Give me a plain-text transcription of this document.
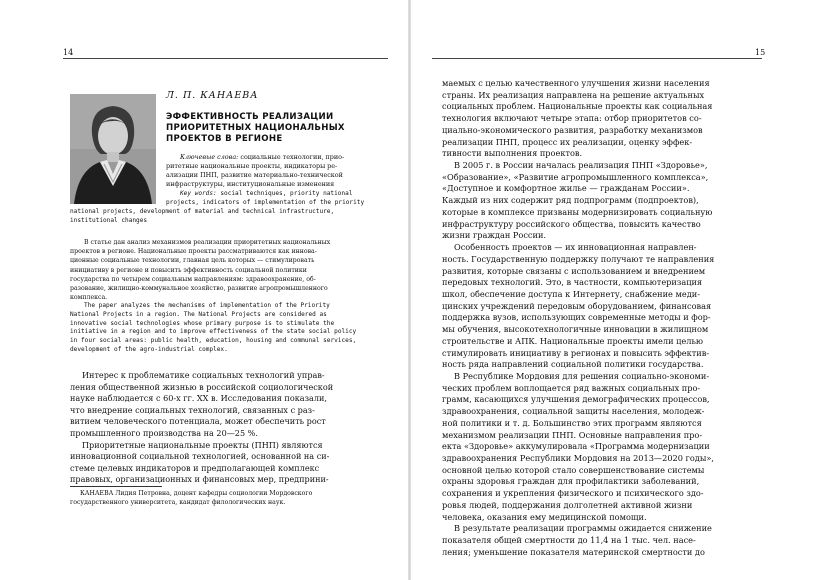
14
Л. П. КАНАЕВА
ЭФФЕКТИВНОСТЬ РЕАЛИЗАЦИИ
ПРИОРИТЕТНЫХ НАЦИОНАЛЬНЫХ
ПРОЕКТОВ В РЕГИОНЕ
Ключевые слова: социальные технологии, прио-
ритетные национальные проекты, индикаторы ре-
ализации ПНП, развитие материально-технической
инфраструктуры, институциональные изменения
Key words: social techniques, priority national
projects, indicators of implementation of the priority
national projects, development of material and technical infrastructure,
institutional changes
В статье дан анализ механизмов реализации приоритетных национальных
проектов в регионе. Национальные проекты рассматриваются как иннова-
ционные социальные технологии, главная цель которых — стимулировать
инициативу в регионе и повысить эффективность социальной политики
государства по четырем социальным направлениям: здравоохранение, об-
разование, жилищно-коммунальное хозяйство, развитие агропромышленного
комплекса.
The paper analyzes the mechanisms of implementation of the Priority
National Projects in a region. The National Projects are considered as
innovative social technologies whose primary purpose is to stimulate the
initiative in a region and to improve effectiveness of the state social policy
in four social areas: public health, education, housing and communal services,
development of the agro-industrial complex.
Интерес к проблематике социальных технологий управ-
ления общественной жизнью в российской социологической
науке наблюдается с 60-х гг. XX в. Исследования показали,
что внедрение социальных технологий, связанных с раз-
витием человеческого потенциала, может обеспечить рост
промышленного производства на 20—25 %.
Приоритетные национальные проекты (ПНП) являются
инновационной социальной технологией, основанной на си-
стеме целевых индикаторов и предполагающей комплекс
правовых, организационных и финансовых мер, предприни-
КАНАЕВА Лидия Петровна, доцент кафедры социологии Мордовского
государственного университета, кандидат филологических наук.
15
маемых с целью качественного улучшения жизни населения
страны. Их реализация направлена на решение актуальных
социальных проблем. Национальные проекты как социальная
технология включают четыре этапа: отбор приоритетов со-
циально-экономического развития, разработку механизмов
реализации ПНП, процесс их реализации, оценку эффек-
тивности выполнения проектов.
В 2005 г. в России началась реализация ПНП «Здоровье»,
«Образование», «Развитие агропромышленного комплекса»,
«Доступное и комфортное жилье — гражданам России».
Каждый из них содержит ряд подпрограмм (подпроектов),
которые в комплексе призваны модернизировать социальную
инфраструктуру российского общества, повысить качество
жизни граждан России.
Особенность проектов — их инновационная направлен-
ность. Государственную поддержку получают те направления
развития, которые связаны с использованием и внедрением
передовых технологий. Это, в частности, компьютеризация
школ, обеспечение доступа к Интернету, снабжение меди-
цинских учреждений передовым оборудованием, финансовая
поддержка вузов, использующих современные методы и фор-
мы обучения, высокотехнологичные инновации в жилищном
строительстве и АПК. Национальные проекты имели целью
стимулировать инициативу в регионах и повысить эффектив-
ность ряда направлений социальной политики государства.
В Республике Мордовия для решения социально-экономи-
ческих проблем воплощается ряд важных социальных про-
грамм, касающихся улучшения демографических процессов,
здравоохранения, социальной защиты населения, молодеж-
ной политики и т. д. Большинство этих программ являются
механизмом реализации ПНП. Основные направления про-
екта «Здоровье» аккумулировала «Программа модернизации
здравоохранения Республики Мордовия на 2013—2020 годы»,
основной целью которой стало совершенствование системы
охраны здоровья граждан для профилактики заболеваний,
сохранения и укрепления физического и психического здо-
ровья людей, поддержания долголетней активной жизни
человека, оказания ему медицинской помощи.
В результате реализации программы ожидается снижение
показателя общей смертности до 11,4 на 1 тыс. чел. насе-
ления; уменьшение показателя материнской смертности до
